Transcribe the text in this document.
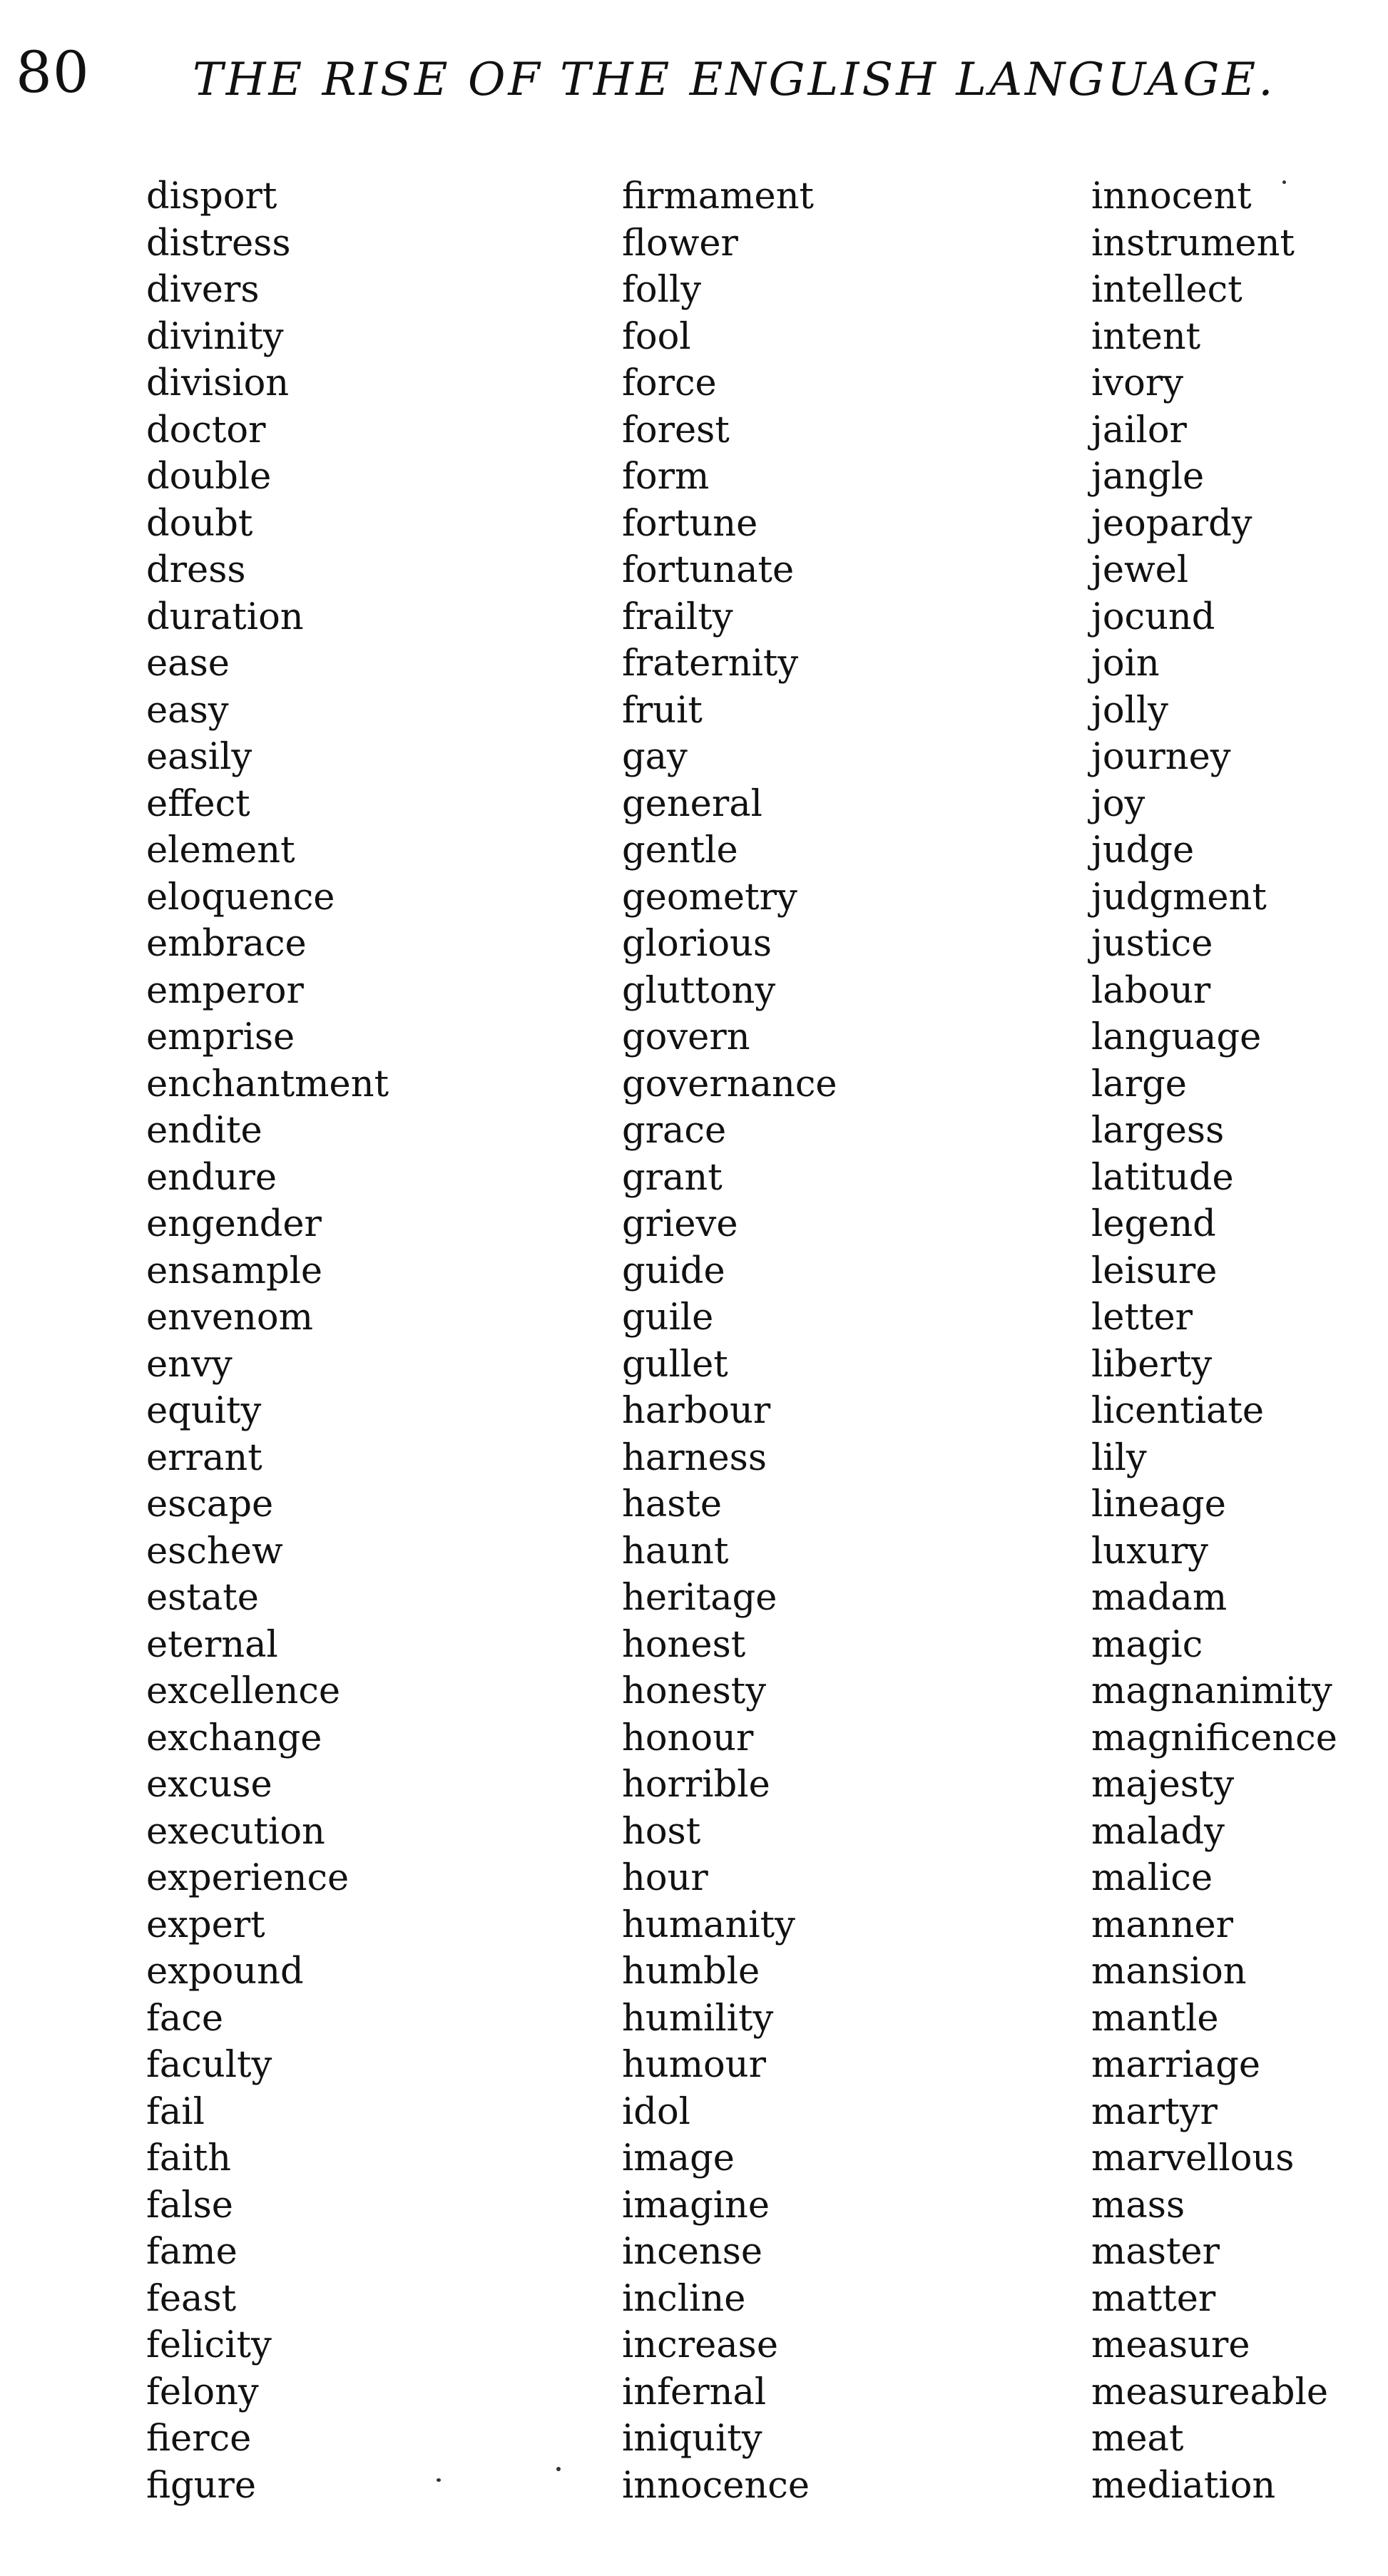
80 THE RISE OF THE ENGLISH LANGUAGE.
disport
distress
divers
divinity
division
doctor
double
doubt
dress
duration
ease
easy
easily
effect
element
eloquence
embrace
emperor
emprise
enchantment
endite
endure
engender
ensample
envenom
envy
equity
errant
escape
eschew
estate
eternal
excellence
exchange
excuse
execution
experience
expert
expound
face
faculty
fail
faith
false
fame
feast
felicity
felony
fierce
figure
firmament
flower
folly
fool
force
forest
form
fortune
fortunate
frailty
fraternity
fruit
gay
general
gentle
geometry
glorious
gluttony
govern
governance
grace
grant
grieve
guide
guile
gullet
harbour
harness
haste
haunt
heritage
honest
honesty
honour
horrible
host
hour
humanity
humble
humility
humour
idol
image
imagine
incense
incline
increase
infernal
iniquity
innocence
innocent
instrument
intellect
intent
ivory
jailor
jangle
jeopardy
jewel
jocund
join
jolly
journey
joy
judge
judgment
justice
labour
language
large
largess
latitude
legend
leisure
letter
liberty
licentiate
lily
lineage
luxury
madam
magic
magnanimity
magnificence
majesty
malady
malice
manner
mansion
mantle
marriage
martyr
marvellous
mass
master
matter
measure
measureable
meat
mediation
